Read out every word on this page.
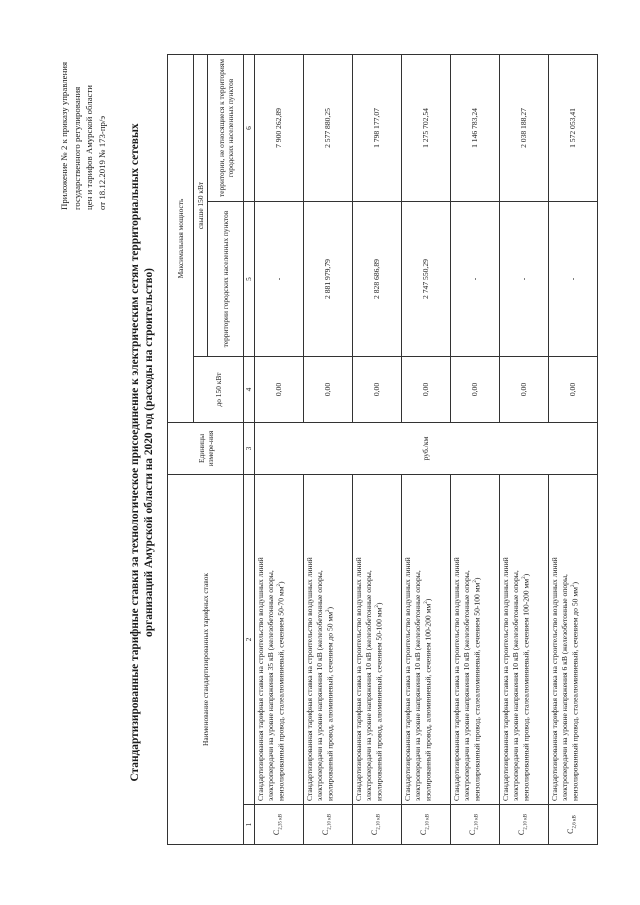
Приложение № 2 к приказу управления государственного регулирования цен и тарифов Амурской области от 18.12.2019 № 173-пр/э Стандартизированные тарифные ставки за технологическое присоединение к электрическим сетям территориальных сетевых организаций Амурской области на 2020 год (расходы на строительство)
Наименование стандартизированных тарифных ставок		Единицы измере-ния	Максимальная мощность		
			до 150 кВт	свыше 150 кВт	
				территории городских населенных пунктов	территории, не относящиеся к территориям городских населенных пунктов
1	2	3	4	5	6
$C_{2,35 кВ}$	Стандартизированная тарифная ставка на строительство воздушных линий электропередачи на уровне напряжения 35 кВ (железобетонные опоры, неизолированный провод, сталеалюминиевый, сечением 50-70 $мм^2$)	руб./км	0,00	-	7 900 262,89
$C_{2,10 кВ}$	Стандартизированная тарифная ставка на строительство воздушных линий электропередачи на уровне напряжения 10 кВ (железобетонные опоры, изолированный провод, алюминиевый, сечением до 50 $мм^2$)		0,00	2 881 979,79	2 577 880,25
$C_{2,10 кВ}$	Стандартизированная тарифная ставка на строительство воздушных линий электропередачи на уровне напряжения 10 кВ (железобетонные опоры, изолированный провод, алюминиевый, сечением 50-100 $мм^2$)		0,00	2 828 686,89	1 798 177,07
$C_{2,10 кВ}$	Стандартизированная тарифная ставка на строительство воздушных линий электропередачи на уровне напряжения 10 кВ (железобетонные опоры, изолированный провод, алюминиевый, сечением 100-200 $мм^2$)		0,00	2 747 550,29	1 275 702,54
$C_{2,10 кВ}$	Стандартизированная тарифная ставка на строительство воздушных линий электропередачи на уровне напряжения 10 кВ (железобетонные опоры, неизолированный провод, сталеалюминиевый, сечением 50-100 $мм^2$)		0,00	-	1 146 783,24
$C_{2,10 кВ}$	Стандартизированная тарифная ставка на строительство воздушных линий электропередачи на уровне напряжения 10 кВ (железобетонные опоры, неизолированный провод, сталеалюминиевый, сечением 100-200 $мм^2$)		0,00	-	2 038 188,27
$C_{2,6 кВ}$	Стандартизированная тарифная ставка на строительство воздушных линий электропередачи на уровне напряжения 6 кВ (железобетонные опоры, неизолированный провод, сталеалюминиевый, сечением до 50 $мм^2$)		0,00	-	1 572 053,41
